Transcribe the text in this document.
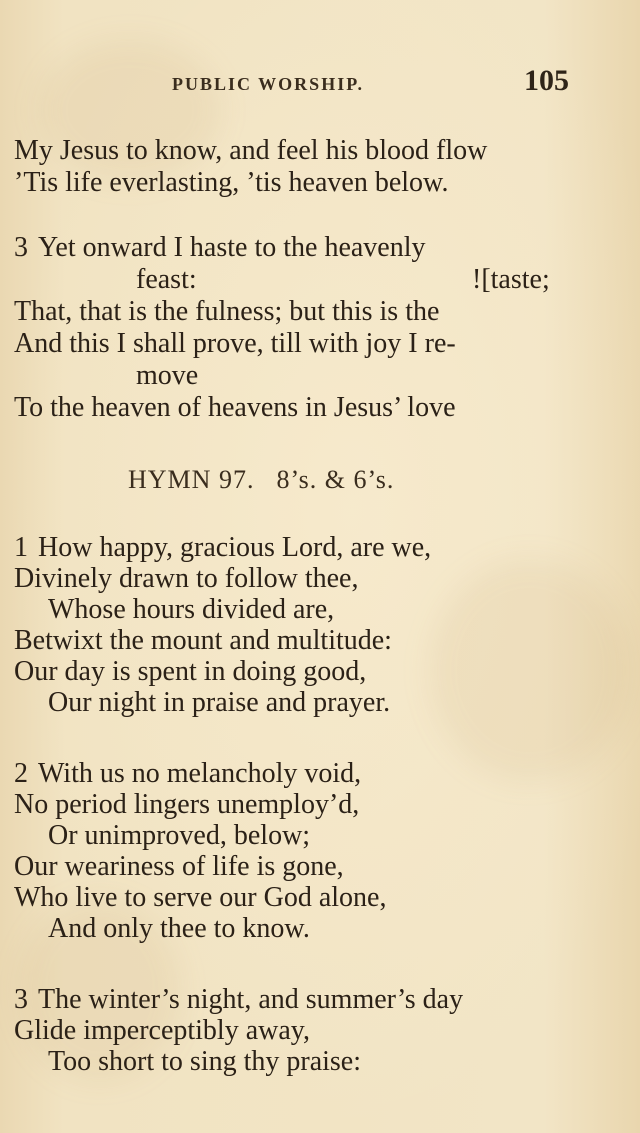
PUBLIC WORSHIP.	105
My Jesus to know, and feel his blood flow
’Tis life everlasting, ’tis heaven below.
3 Yet onward I haste to the heavenly
feast:	![taste;
That, that is the fulness; but this is the
And this I shall prove, till with joy I re-
move
To the heaven of heavens in Jesus’ love
HYMN 97. 8’s. & 6’s.
1 How happy, gracious Lord, are we,
Divinely drawn to follow thee,
Whose hours divided are,
Betwixt the mount and multitude:
Our day is spent in doing good,
Our night in praise and prayer.
2 With us no melancholy void,
No period lingers unemploy’d,
Or unimproved, below;
Our weariness of life is gone,
Who live to serve our God alone,
And only thee to know.
3 The winter’s night, and summer’s day
Glide imperceptibly away,
Too short to sing thy praise:
